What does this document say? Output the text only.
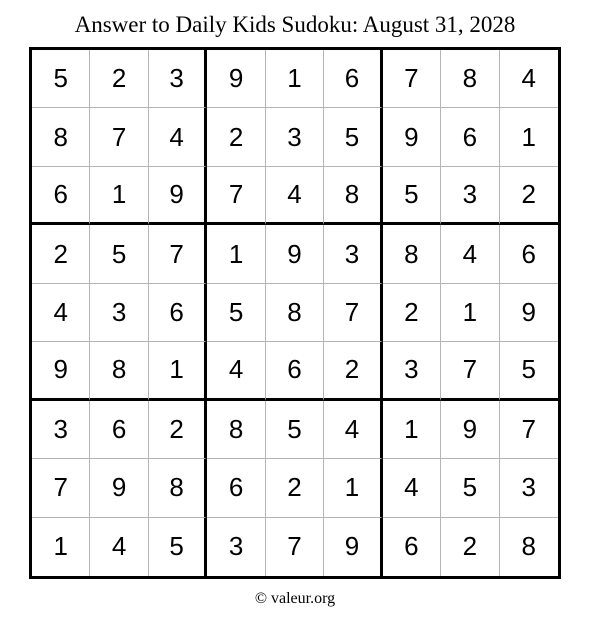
Answer to Daily Kids Sudoku: August 31, 2028
5	2	3	9	1	6	7	8	4
8	7	4	2	3	5	9	6	1
6	1	9	7	4	8	5	3	2
2	5	7	1	9	3	8	4	6
4	3	6	5	8	7	2	1	9
9	8	1	4	6	2	3	7	5
3	6	2	8	5	4	1	9	7
7	9	8	6	2	1	4	5	3
1	4	5	3	7	9	6	2	8
© valeur.org
